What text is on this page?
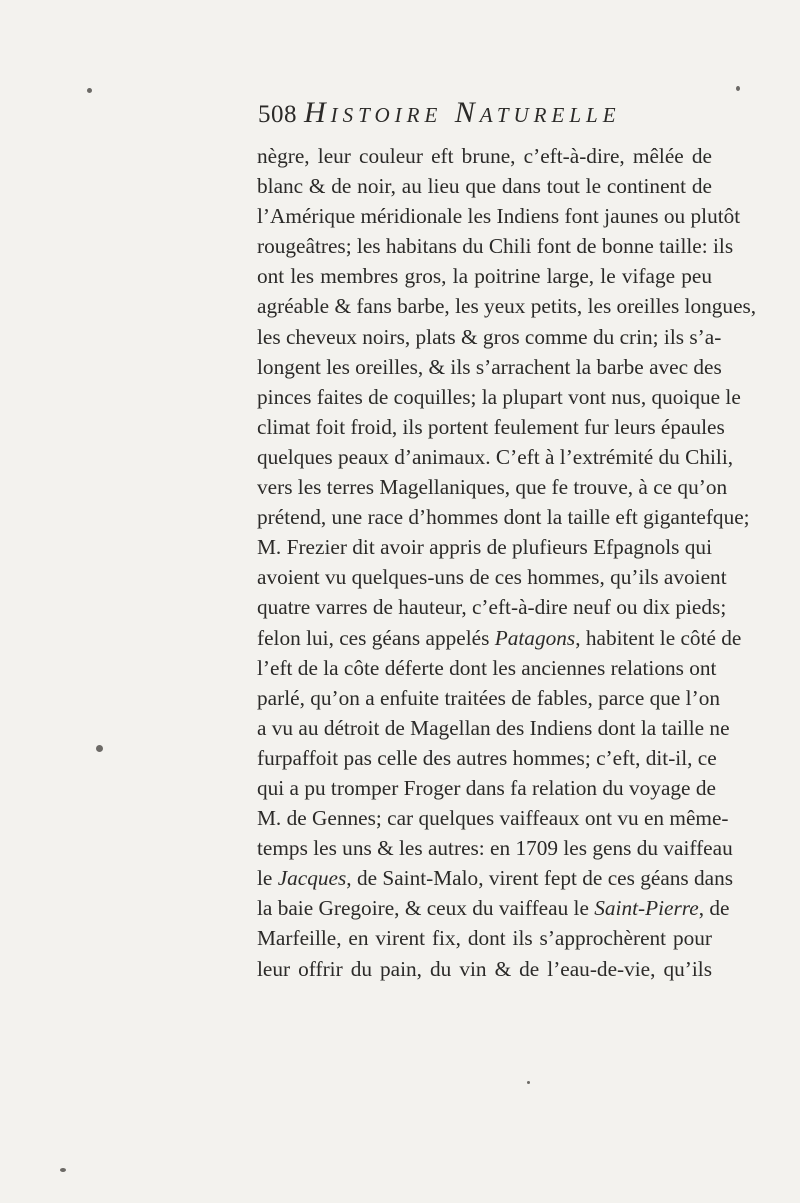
508 Histoire Naturelle
nègre, leur couleur eft brune, c’eft-à-dire, mêlée de
blanc & de noir, au lieu que dans tout le continent de
l’Amérique méridionale les Indiens font jaunes ou plutôt
rougeâtres; les habitans du Chili font de bonne taille: ils
ont les membres gros, la poitrine large, le vifage peu
agréable & fans barbe, les yeux petits, les oreilles longues,
les cheveux noirs, plats & gros comme du crin; ils s’a-
longent les oreilles, & ils s’arrachent la barbe avec des
pinces faites de coquilles; la plupart vont nus, quoique le
climat foit froid, ils portent feulement fur leurs épaules
quelques peaux d’animaux. C’eft à l’extrémité du Chili,
vers les terres Magellaniques, que fe trouve, à ce qu’on
prétend, une race d’hommes dont la taille eft gigantefque;
M. Frezier dit avoir appris de plufieurs Efpagnols qui
avoient vu quelques-uns de ces hommes, qu’ils avoient
quatre varres de hauteur, c’eft-à-dire neuf ou dix pieds;
felon lui, ces géans appelés Patagons, habitent le côté de
l’eft de la côte déferte dont les anciennes relations ont
parlé, qu’on a enfuite traitées de fables, parce que l’on
a vu au détroit de Magellan des Indiens dont la taille ne
furpaffoit pas celle des autres hommes; c’eft, dit-il, ce
qui a pu tromper Froger dans fa relation du voyage de
M. de Gennes; car quelques vaiffeaux ont vu en même-
temps les uns & les autres: en 1709 les gens du vaiffeau
le Jacques, de Saint-Malo, virent fept de ces géans dans
la baie Gregoire, & ceux du vaiffeau le Saint-Pierre, de
Marfeille, en virent fix, dont ils s’approchèrent pour
leur offrir du pain, du vin & de l’eau-de-vie, qu’ils
